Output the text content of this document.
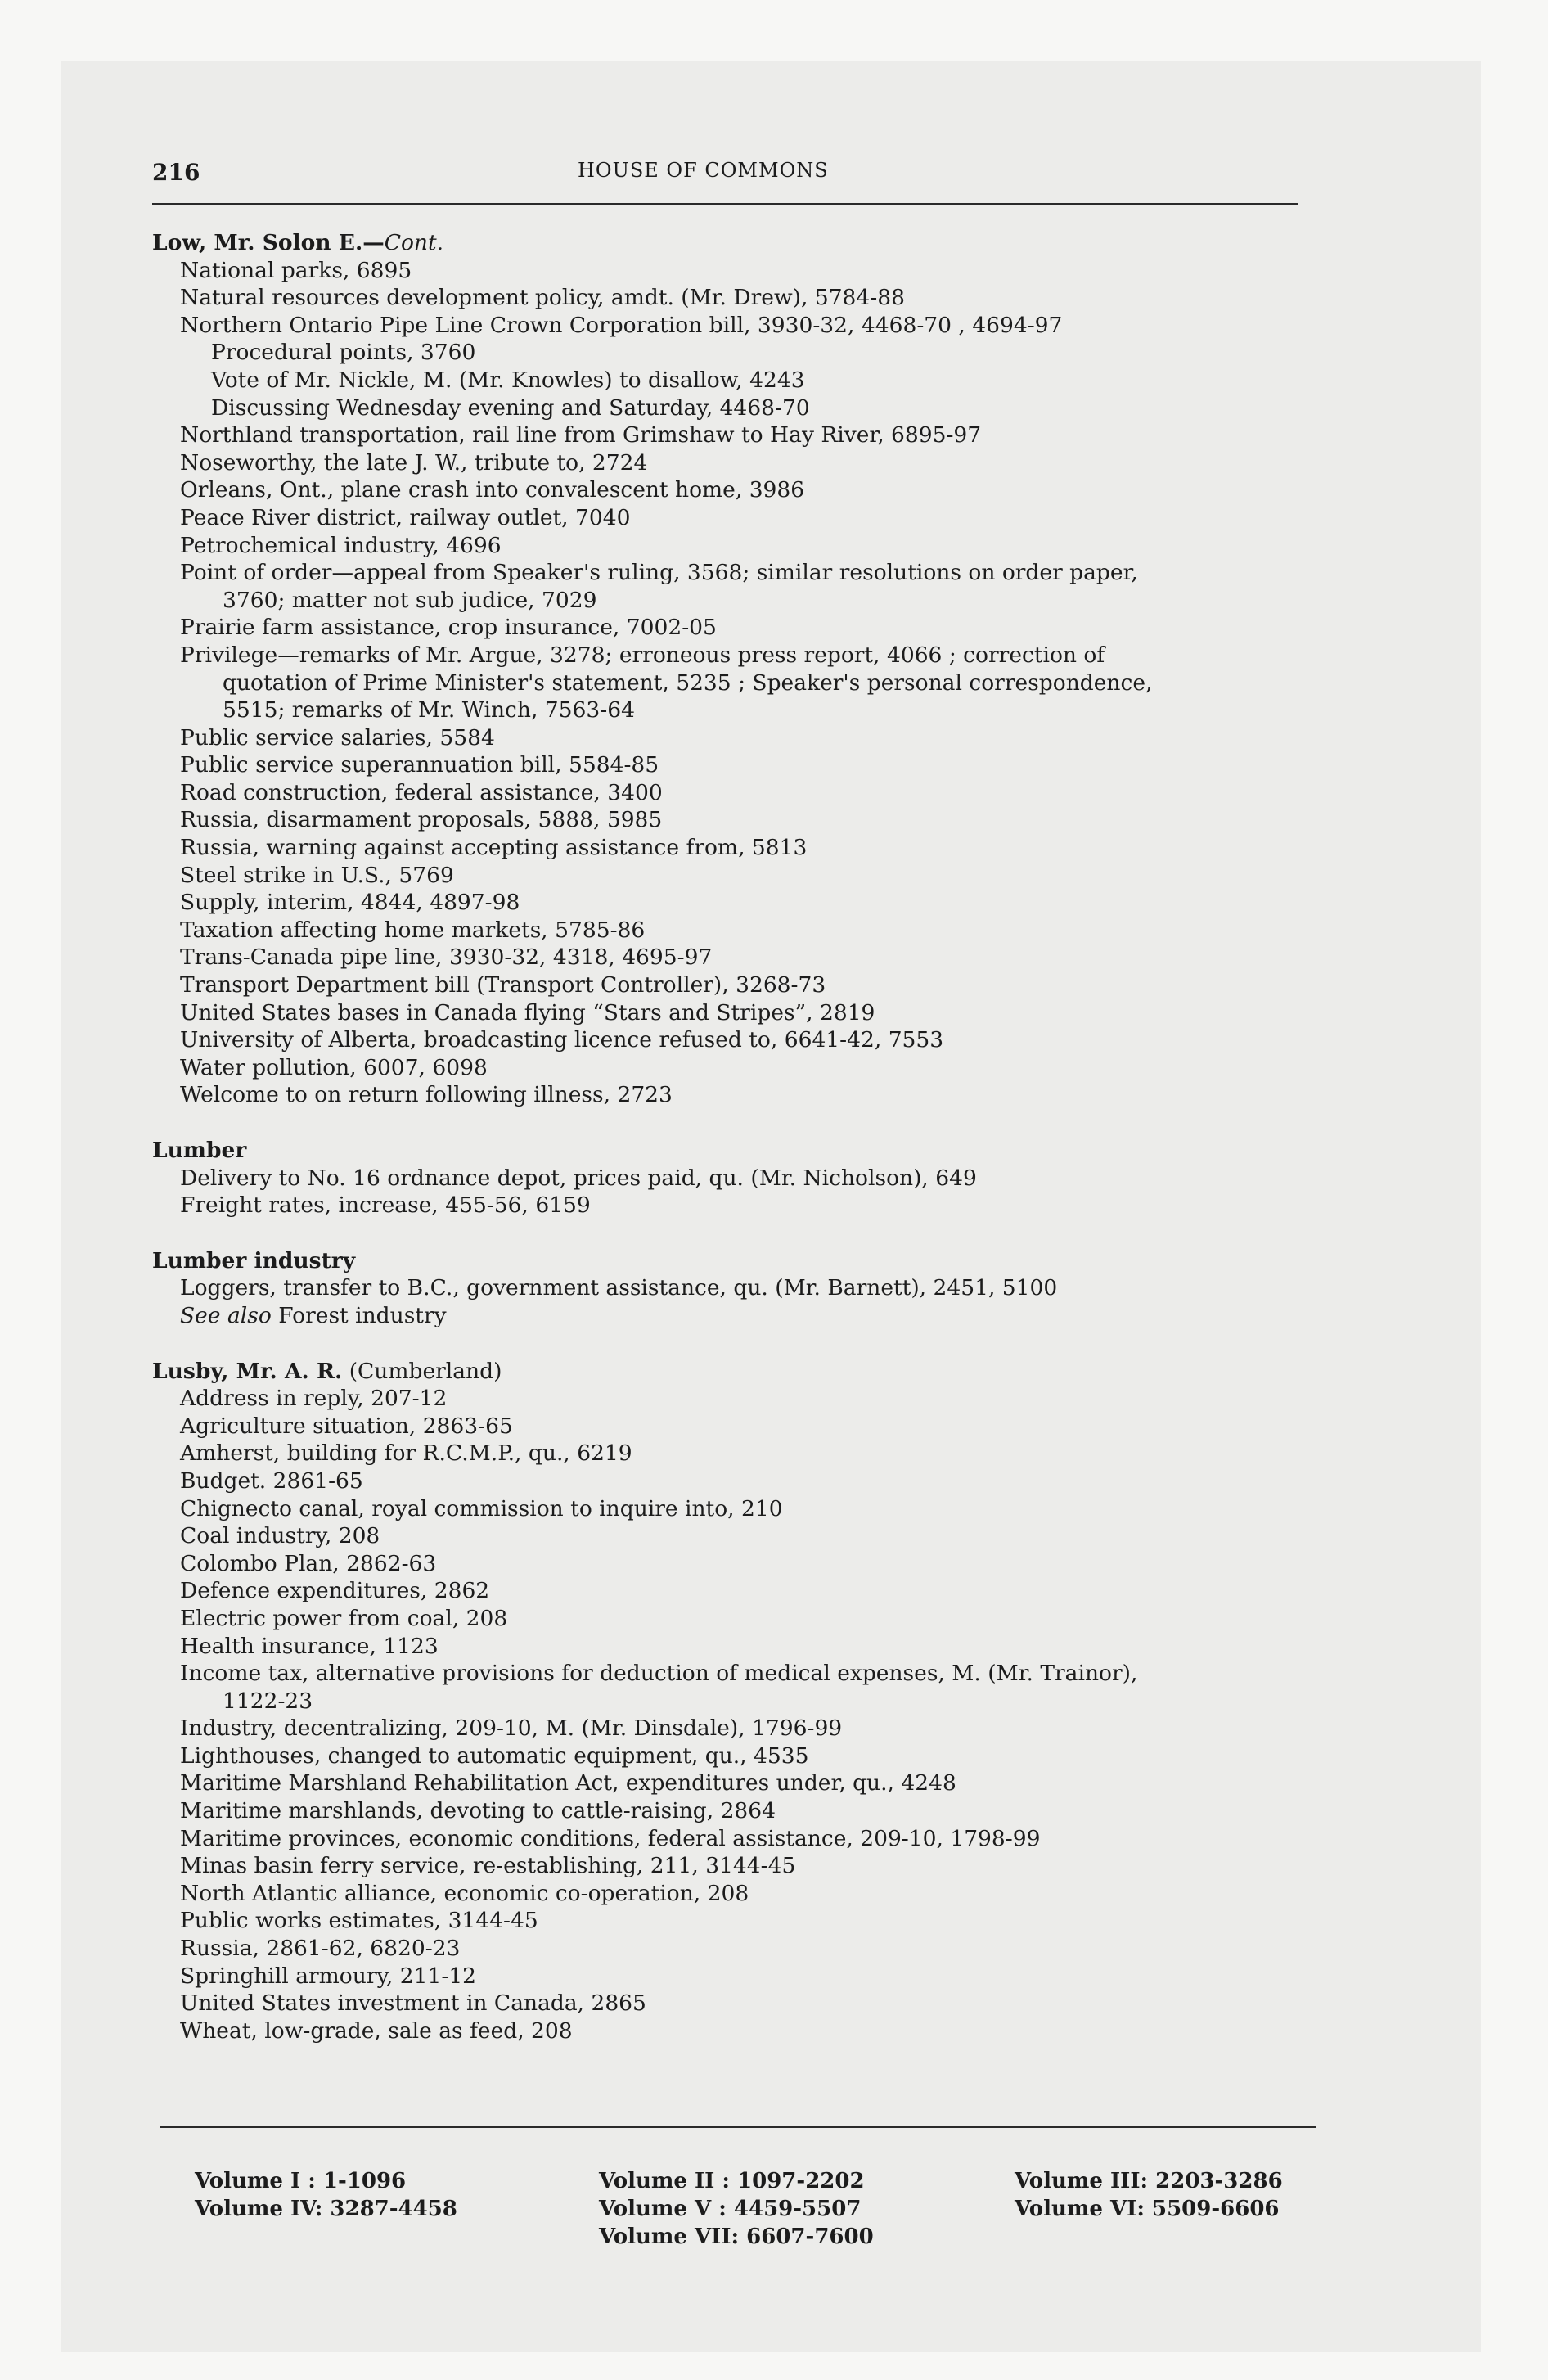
216	HOUSE OF COMMONS
Low, Mr. Solon E.—Cont.
National parks, 6895
Natural resources development policy, amdt. (Mr. Drew), 5784-88
Northern Ontario Pipe Line Crown Corporation bill, 3930-32, 4468-70 , 4694-97
Procedural points, 3760
Vote of Mr. Nickle, M. (Mr. Knowles) to disallow, 4243
Discussing Wednesday evening and Saturday, 4468-70
Northland transportation, rail line from Grimshaw to Hay River, 6895-97
Noseworthy, the late J. W., tribute to, 2724
Orleans, Ont., plane crash into convalescent home, 3986
Peace River district, railway outlet, 7040
Petrochemical industry, 4696
Point of order—appeal from Speaker's ruling, 3568; similar resolutions on order paper,
3760; matter not sub judice, 7029
Prairie farm assistance, crop insurance, 7002-05
Privilege—remarks of Mr. Argue, 3278; erroneous press report, 4066 ; correction of
quotation of Prime Minister's statement, 5235 ; Speaker's personal correspondence,
5515; remarks of Mr. Winch, 7563-64
Public service salaries, 5584
Public service superannuation bill, 5584-85
Road construction, federal assistance, 3400
Russia, disarmament proposals, 5888, 5985
Russia, warning against accepting assistance from, 5813
Steel strike in U.S., 5769
Supply, interim, 4844, 4897-98
Taxation affecting home markets, 5785-86
Trans-Canada pipe line, 3930-32, 4318, 4695-97
Transport Department bill (Transport Controller), 3268-73
United States bases in Canada flying “Stars and Stripes”, 2819
University of Alberta, broadcasting licence refused to, 6641-42, 7553
Water pollution, 6007, 6098
Welcome to on return following illness, 2723
Lumber
Delivery to No. 16 ordnance depot, prices paid, qu. (Mr. Nicholson), 649
Freight rates, increase, 455-56, 6159
Lumber industry
Loggers, transfer to B.C., government assistance, qu. (Mr. Barnett), 2451, 5100
See also Forest industry
Lusby, Mr. A. R. (Cumberland)
Address in reply, 207-12
Agriculture situation, 2863-65
Amherst, building for R.C.M.P., qu., 6219
Budget. 2861-65
Chignecto canal, royal commission to inquire into, 210
Coal industry, 208
Colombo Plan, 2862-63
Defence expenditures, 2862
Electric power from coal, 208
Health insurance, 1123
Income tax, alternative provisions for deduction of medical expenses, M. (Mr. Trainor),
1122-23
Industry, decentralizing, 209-10, M. (Mr. Dinsdale), 1796-99
Lighthouses, changed to automatic equipment, qu., 4535
Maritime Marshland Rehabilitation Act, expenditures under, qu., 4248
Maritime marshlands, devoting to cattle-raising, 2864
Maritime provinces, economic conditions, federal assistance, 209-10, 1798-99
Minas basin ferry service, re-establishing, 211, 3144-45
North Atlantic alliance, economic co-operation, 208
Public works estimates, 3144-45
Russia, 2861-62, 6820-23
Springhill armoury, 211-12
United States investment in Canada, 2865
Wheat, low-grade, sale as feed, 208
Volume I : 1-1096
Volume IV: 3287-4458
Volume II : 1097-2202
Volume V : 4459-5507
Volume VII: 6607-7600
Volume III: 2203-3286
Volume VI: 5509-6606
